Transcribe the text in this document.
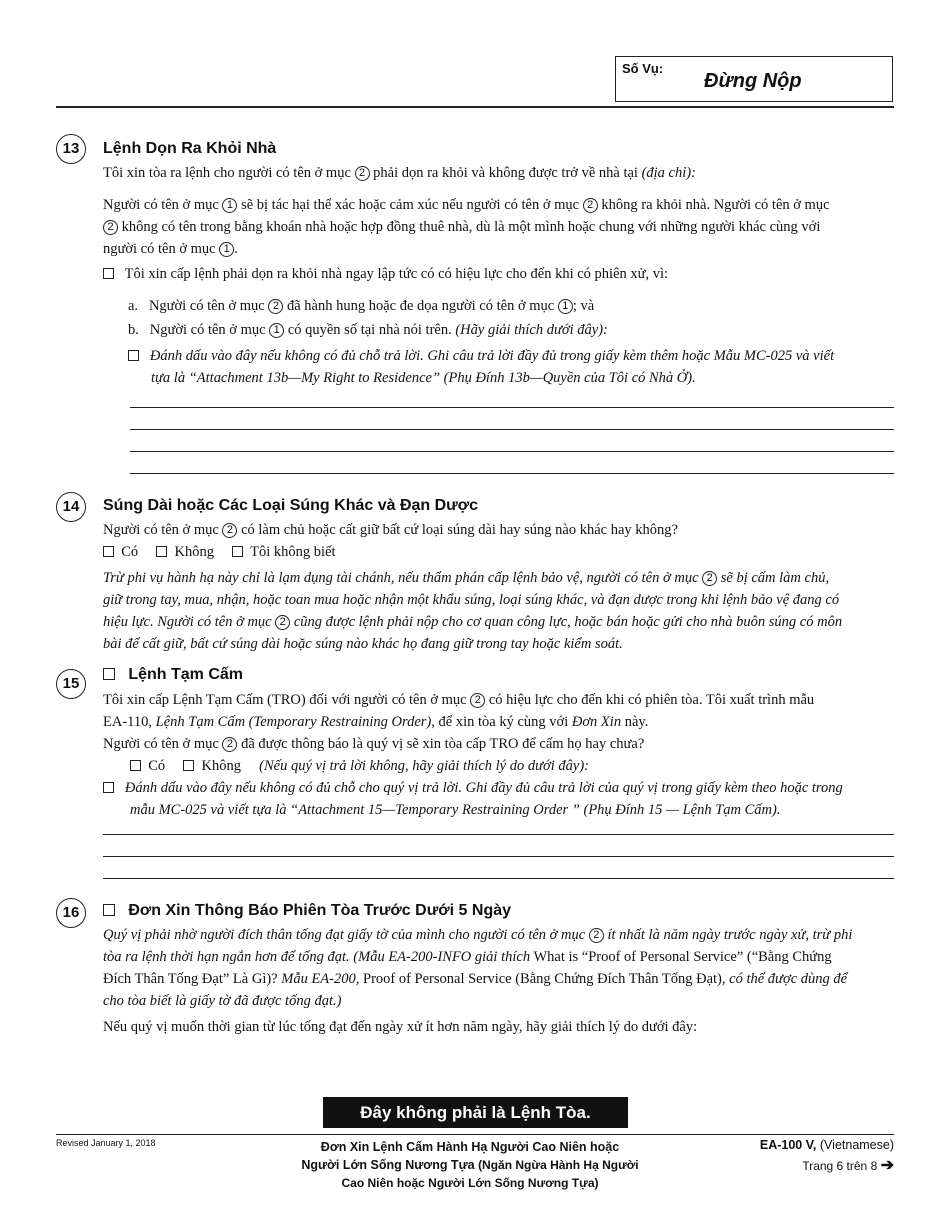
Số Vụ:
Đừng Nộp
13	Lệnh Dọn Ra Khỏi Nhà
Tôi xin tòa ra lệnh cho người có tên ở mục 2 phải dọn ra khỏi và không được trở về nhà tại (địa chỉ):
Người có tên ở mục 1 sẽ bị tác hại thể xác hoặc cảm xúc nếu người có tên ở mục 2 không ra khỏi nhà. Người có tên ở mục
2 không có tên trong bằng khoán nhà hoặc hợp đồng thuê nhà, dù là một mình hoặc chung với những người khác cùng với
người có tên ở mục 1 .
Tôi xin cấp lệnh phải dọn ra khỏi nhà ngay lập tức có có hiệu lực cho đến khi có phiên xử, vì:
a. Người có tên ở mục 2 đã hành hung hoặc đe dọa người có tên ở mục 1 ; và
b. Người có tên ở mục 1 có quyền số tại nhà nói trên. (Hãy giải thích dưới đây):
Đánh dấu vào đây nếu không có đủ chỗ trả lời. Ghi câu trả lời đầy đủ trong giấy kèm thêm hoặc Mẫu MC-025 và viết
tựa là “Attachment 13b—My Right to Residence” (Phụ Đính 13b—Quyền của Tôi có Nhà Ở).
14	Súng Dài hoặc Các Loại Súng Khác và Đạn Dược
Người có tên ở mục 2 có làm chủ hoặc cất giữ bất cứ loại súng dài hay súng nào khác hay không?
Có	Không Tôi không biết
Trừ phi vụ hành hạ này chỉ là lạm dụng tài chánh, nếu thẩm phán cấp lệnh bảo vệ, người có tên ở mục 2 sẽ bị cấm làm chủ,
giữ trong tay, mua, nhận, hoặc toan mua hoặc nhận một khẩu súng, loại súng khác, và đạn dược trong khi lệnh bảo vệ đang có
hiệu lực. Người có tên ở mục 2 cũng được lệnh phải nộp cho cơ quan công lực, hoặc bán hoặc gửi cho nhà buôn súng có môn
bài để cất giữ, bất cứ súng dài hoặc súng nào khác họ đang giữ trong tay hoặc kiểm soát.
15
Lệnh Tạm Cấm
Tôi xin cấp Lệnh Tạm Cấm (TRO) đối với người có tên ở mục 2 có hiệu lực cho đến khi có phiên tòa. Tôi xuất trình mẫu
EA-110, Lệnh Tạm Cấm (Temporary Restraining Order), để xin tòa ký cùng với Đơn Xin này.
Người có tên ở mục 2 đã được thông báo là quý vị sẽ xin tòa cấp TRO để cấm họ hay chưa?
Có	Không (Nếu quý vị trả lời không, hãy giải thích lý do dưới đây):
Đánh dấu vào đây nếu không có đủ chỗ cho quý vị trả lời. Ghi đầy đủ câu trả lời của quý vị trong giấy kèm theo hoặc trong
mẫu MC-025 và viết tựa là “Attachment 15—Temporary Restraining Order ” (Phụ Đính 15 — Lệnh Tạm Cấm).
16	Đơn Xin Thông Báo Phiên Tòa Trước Dưới 5 Ngày
Quý vị phải nhờ người đích thân tống đạt giấy tờ của mình cho người có tên ở mục 2 ít nhất là năm ngày trước ngày xử, trừ phi
tòa ra lệnh thời hạn ngắn hơn để tống đạt. (Mẫu EA-200-INFO giải thích What is “Proof of Personal Service” (“Bằng Chứng
Đích Thân Tống Đạt” Là Gì)? Mẫu EA-200, Proof of Personal Service (Bằng Chứng Đích Thân Tống Đạt), có thể được dùng để
cho tòa biết là giấy tờ đã được tống đạt.)
Nếu quý vị muốn thời gian từ lúc tống đạt đến ngày xử ít hơn năm ngày, hãy giải thích lý do dưới đây:
Đây không phải là Lệnh Tòa.
Revised January 1, 2018	Đơn Xin Lệnh Cấm Hành Hạ Người Cao Niên hoặc
Người Lớn Sống Nương Tựa (Ngăn Ngừa Hành Hạ Người
Cao Niên hoặc Người Lớn Sống Nương Tựa)
EA-100 V, (Vietnamese)
Trang 6 trên 8 ➔
